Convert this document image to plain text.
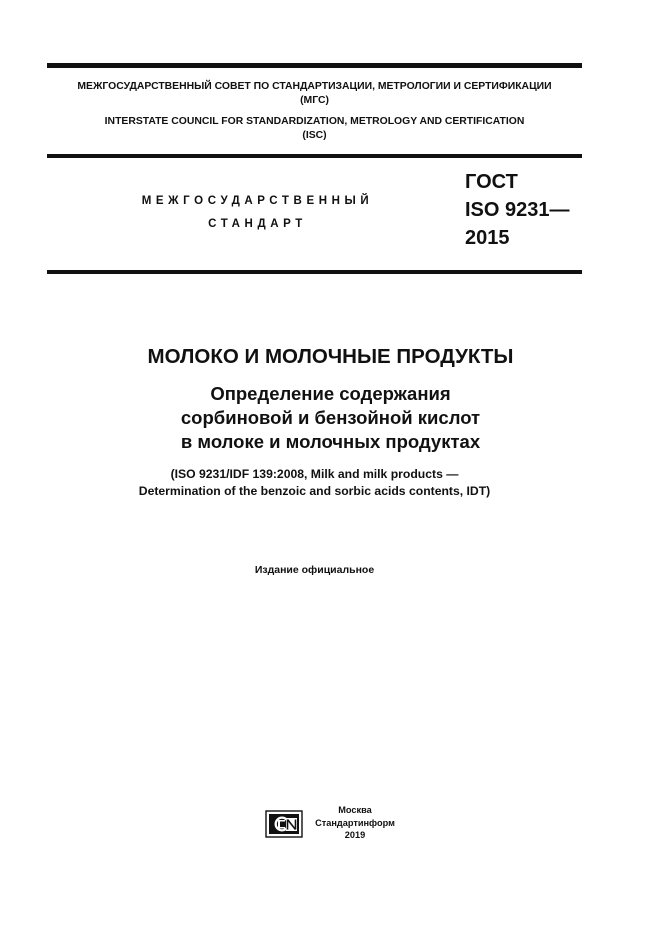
МЕЖГОСУДАРСТВЕННЫЙ СОВЕТ ПО СТАНДАРТИЗАЦИИ, МЕТРОЛОГИИ И СЕРТИФИКАЦИИ
(МГС)
INTERSTATE COUNCIL FOR STANDARDIZATION, METROLOGY AND CERTIFICATION
(ISC)
МЕЖГОСУДАРСТВЕННЫЙ
СТАНДАРТ
ГОСТ
ISO 9231—
2015
МОЛОКО И МОЛОЧНЫЕ ПРОДУКТЫ
Определение содержания
сорбиновой и бензойной кислот
в молоке и молочных продуктах
(ISO 9231/IDF 139:2008, Milk and milk products —
Determination of the benzoic and sorbic acids contents, IDT)
Издание официальное
Москва
Стандартинформ
2019
